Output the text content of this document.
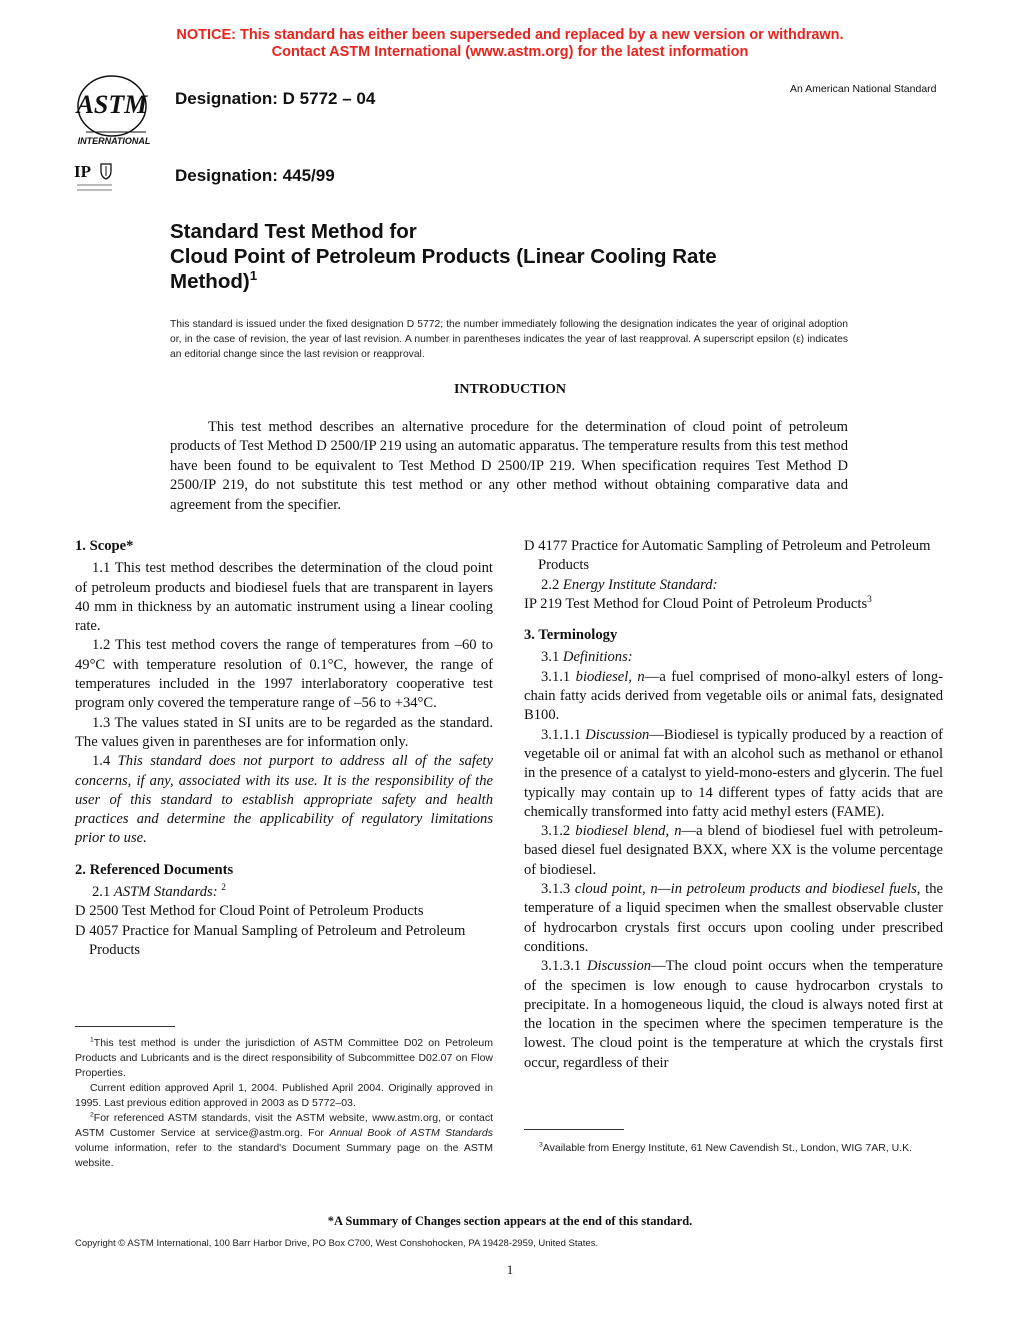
NOTICE: This standard has either been superseded and replaced by a new version or withdrawn.
Contact ASTM International (www.astm.org) for the latest information
ASTM
INTERNATIONAL
Designation: D 5772 – 04	An American National Standard
IP	Designation: 445/99
Standard Test Method for
Cloud Point of Petroleum Products (Linear Cooling Rate
Method)$^1$
This standard is issued under the fixed designation D 5772; the number immediately following the designation indicates the year of original adoption or, in the case of revision, the year of last revision. A number in parentheses indicates the year of last reapproval. A superscript epsilon (ε) indicates an editorial change since the last revision or reapproval.
INTRODUCTION
This test method describes an alternative procedure for the determination of cloud point of petroleum products of Test Method D 2500/IP 219 using an automatic apparatus. The temperature results from this test method have been found to be equivalent to Test Method D 2500/IP 219. When specification requires Test Method D 2500/IP 219, do not substitute this test method or any other method without obtaining comparative data and agreement from the specifier.

1. Scope*

1.1 This test method describes the determination of the cloud point of petroleum products and biodiesel fuels that are transparent in layers 40 mm in thickness by an automatic instrument using a linear cooling rate.

1.2 This test method covers the range of temperatures from –60 to 49°C with temperature resolution of 0.1°C, however, the range of temperatures included in the 1997 interlaboratory cooperative test program only covered the temperature range of –56 to +34°C.

1.3 The values stated in SI units are to be regarded as the standard. The values given in parentheses are for information only.

1.4 This standard does not purport to address all of the safety concerns, if any, associated with its use. It is the responsibility of the user of this standard to establish appropriate safety and health practices and determine the applicability of regulatory limitations prior to use.

2. Referenced Documents

2.1 ASTM Standards: $^2$

D 2500 Test Method for Cloud Point of Petroleum Products

D 4057 Practice for Manual Sampling of Petroleum and Petroleum Products

$^1$This test method is under the jurisdiction of ASTM Committee D02 on Petroleum Products and Lubricants and is the direct responsibility of Subcommittee D02.07 on Flow Properties.

Current edition approved April 1, 2004. Published April 2004. Originally approved in 1995. Last previous edition approved in 2003 as D 5772–03.

$^2$For referenced ASTM standards, visit the ASTM website, www.astm.org, or contact ASTM Customer Service at service@astm.org. For Annual Book of ASTM Standards volume information, refer to the standard's Document Summary page on the ASTM website.

D 4177 Practice for Automatic Sampling of Petroleum and Petroleum Products

2.2 Energy Institute Standard:

IP 219 Test Method for Cloud Point of Petroleum Products$^3$

3. Terminology

3.1 Definitions:

3.1.1 biodiesel, n—a fuel comprised of mono-alkyl esters of long-chain fatty acids derived from vegetable oils or animal fats, designated B100.

3.1.1.1 Discussion—Biodiesel is typically produced by a reaction of vegetable oil or animal fat with an alcohol such as methanol or ethanol in the presence of a catalyst to yield-mono-esters and glycerin. The fuel typically may contain up to 14 different types of fatty acids that are chemically transformed into fatty acid methyl esters (FAME).

3.1.2 biodiesel blend, n—a blend of biodiesel fuel with petroleum-based diesel fuel designated BXX, where XX is the volume percentage of biodiesel.

3.1.3 cloud point, n—in petroleum products and biodiesel fuels, the temperature of a liquid specimen when the smallest observable cluster of hydrocarbon crystals first occurs upon cooling under prescribed conditions.

3.1.3.1 Discussion—The cloud point occurs when the temperature of the specimen is low enough to cause hydrocarbon crystals to precipitate. In a homogeneous liquid, the cloud is always noted first at the location in the specimen where the specimen temperature is the lowest. The cloud point is the temperature at which the crystals first occur, regardless of their

$^3$Available from Energy Institute, 61 New Cavendish St., London, WIG 7AR, U.K.

*A Summary of Changes section appears at the end of this standard.
Copyright © ASTM International, 100 Barr Harbor Drive, PO Box C700, West Conshohocken, PA 19428-2959, United States.
1
